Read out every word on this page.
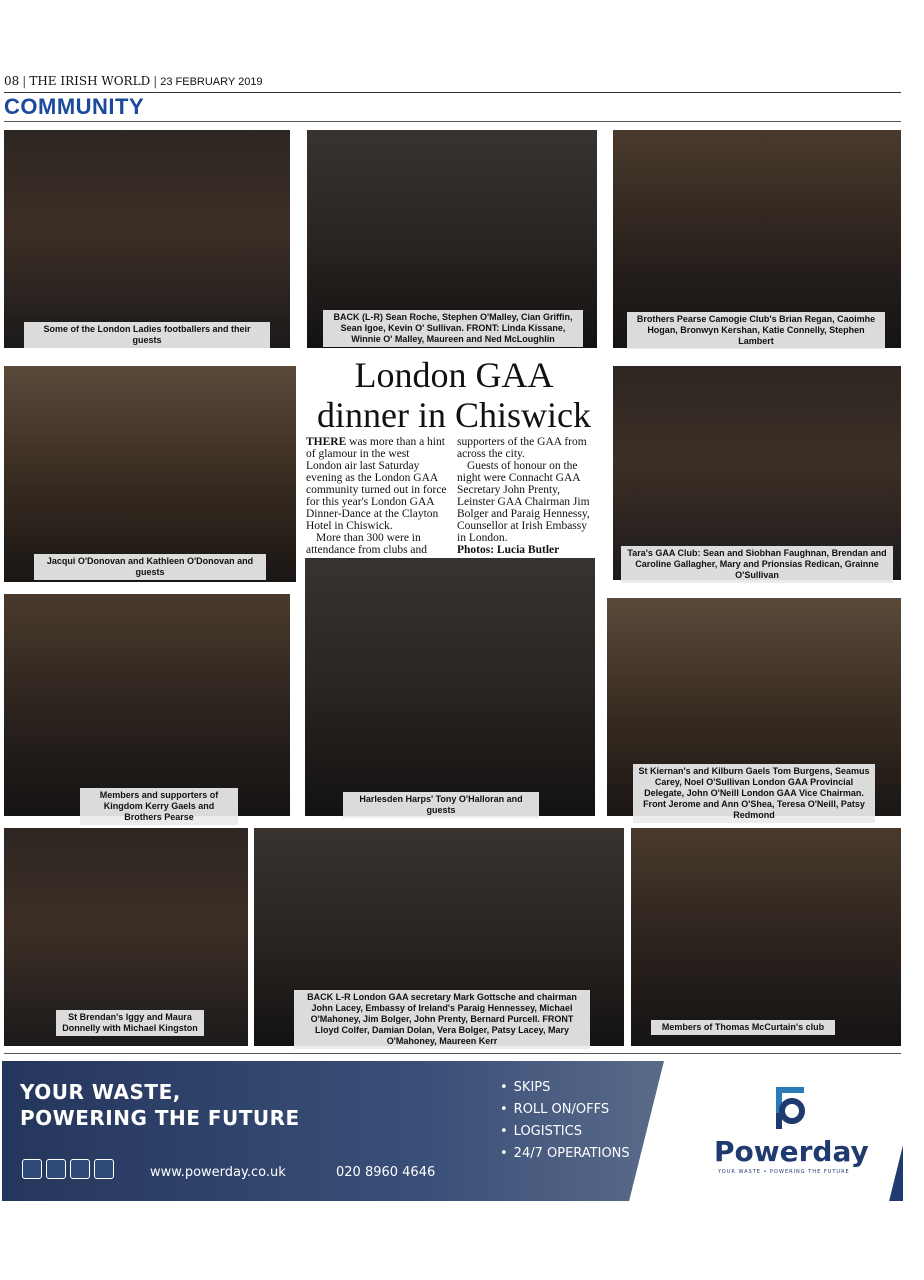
08 | THE IRISH WORLD | 23 FEBRUARY 2019
COMMUNITY
Some of the London Ladies footballers and their guests
BACK (L-R) Sean Roche, Stephen O'Malley, Cian Griffin, Sean Igoe, Kevin O' Sullivan. FRONT: Linda Kissane, Winnie O' Malley, Maureen and Ned McLoughlin
Brothers Pearse Camogie Club's Brian Regan, Caoimhe Hogan, Bronwyn Kershan, Katie Connelly, Stephen Lambert
Jacqui O'Donovan and Kathleen O'Donovan and guests
London GAA
dinner in Chiswick

THERE was more than a hint of glamour in the west London air last Saturday evening as the London GAA community turned out in force for this year's London GAA Dinner-Dance at the Clayton Hotel in Chiswick.

More than 300 were in attendance from clubs and supporters of the GAA from across the city.

Guests of honour on the night were Connacht GAA Secretary John Prenty, Leinster GAA Chairman Jim Bolger and Paraig Hennessy, Counsellor at Irish Embassy in London.

Photos: Lucia Butler	Tara's GAA Club: Sean and Siobhan Faughnan, Brendan and Caroline Gallagher, Mary and Prionsias Redican, Grainne O'Sullivan
Members and supporters of Kingdom Kerry Gaels and Brothers Pearse
Harlesden Harps' Tony O'Halloran and guests
St Kiernan's and Kilburn Gaels Tom Burgens, Seamus Carey, Noel O'Sullivan London GAA Provincial Delegate, John O'Neill London GAA Vice Chairman. Front Jerome and Ann O'Shea, Teresa O'Neill, Patsy Redmond
St Brendan's Iggy and Maura Donnelly with Michael Kingston
BACK L-R London GAA secretary Mark Gottsche and chairman John Lacey, Embassy of Ireland's Paraig Hennessey, Michael O'Mahoney, Jim Bolger, John Prenty, Bernard Purcell. FRONT Lloyd Colfer, Damian Dolan, Vera Bolger, Patsy Lacey, Mary O'Mahoney, Maureen Kerr
Members of Thomas McCurtain's club
YOUR WASTE,
POWERING THE FUTURE
• SKIPS
• ROLL ON/OFFS
• LOGISTICS
• 24/7 OPERATIONS
www.powerday.co.uk	020 8960 4646
Powerday
YOUR WASTE • POWERING THE FUTURE
